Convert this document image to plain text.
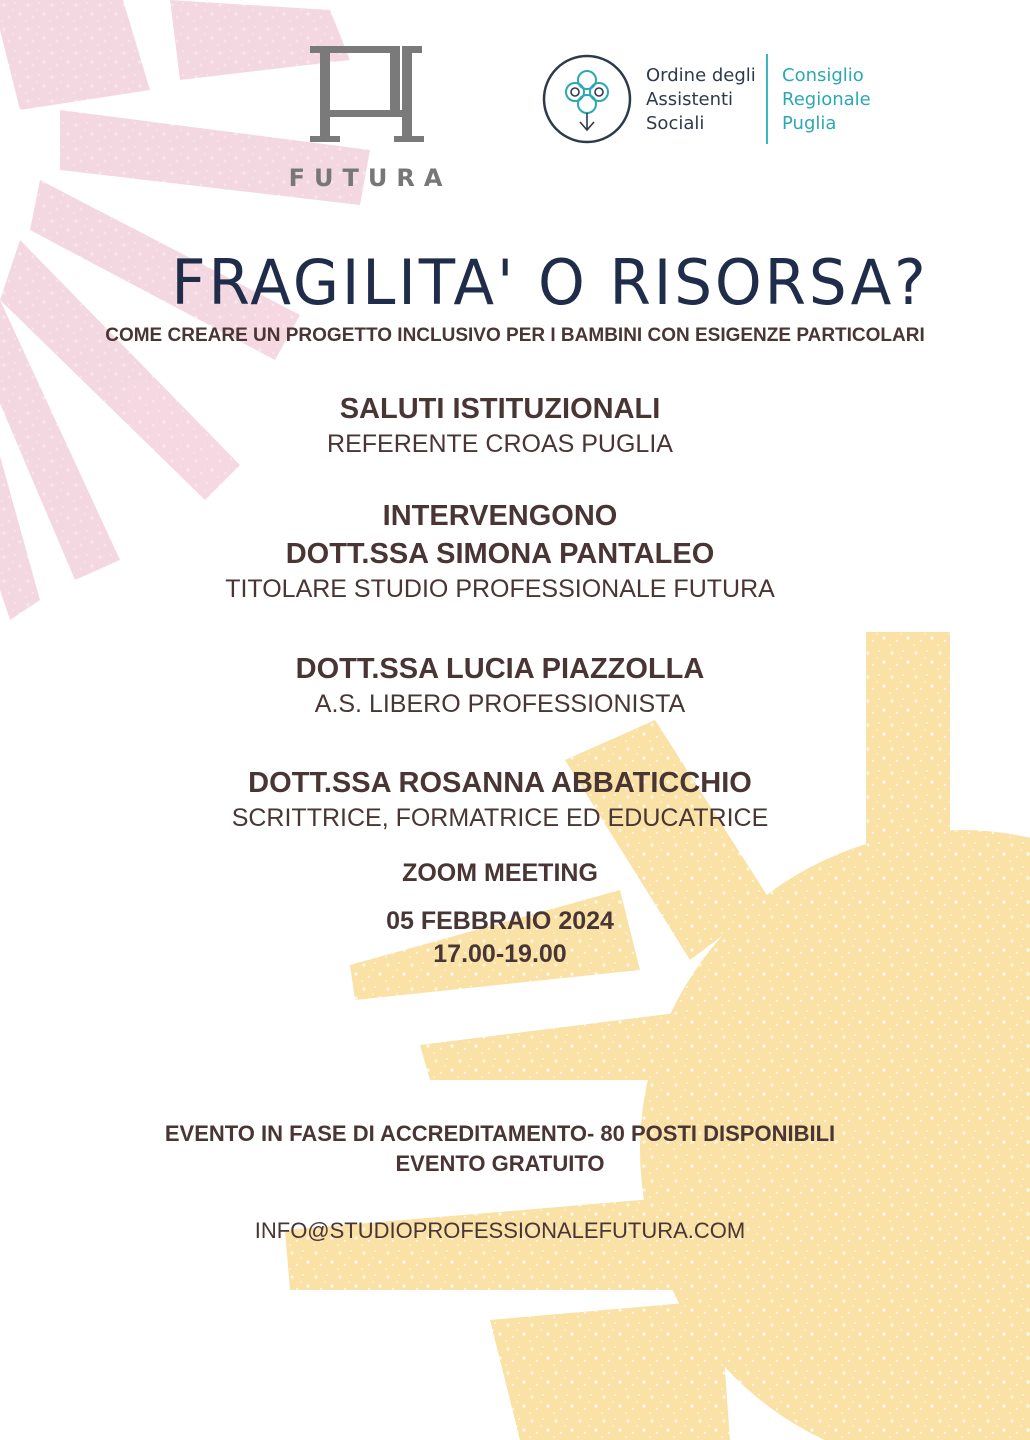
FUTURA
Ordine degli
Assistenti
Sociali
Consiglio
Regionale
Puglia
FRAGILITA' O RISORSA?
COME CREARE UN PROGETTO INCLUSIVO PER I BAMBINI CON ESIGENZE PARTICOLARI
SALUTI ISTITUZIONALI
REFERENTE CROAS PUGLIA
INTERVENGONO
DOTT.SSA SIMONA PANTALEO
TITOLARE STUDIO PROFESSIONALE FUTURA
DOTT.SSA LUCIA PIAZZOLLA
A.S. LIBERO PROFESSIONISTA
DOTT.SSA ROSANNA ABBATICCHIO
SCRITTRICE, FORMATRICE ED EDUCATRICE
ZOOM MEETING
05 FEBBRAIO 2024
17.00-19.00
EVENTO IN FASE DI ACCREDITAMENTO- 80 POSTI DISPONIBILI
EVENTO GRATUITO
INFO@STUDIOPROFESSIONALEFUTURA.COM
